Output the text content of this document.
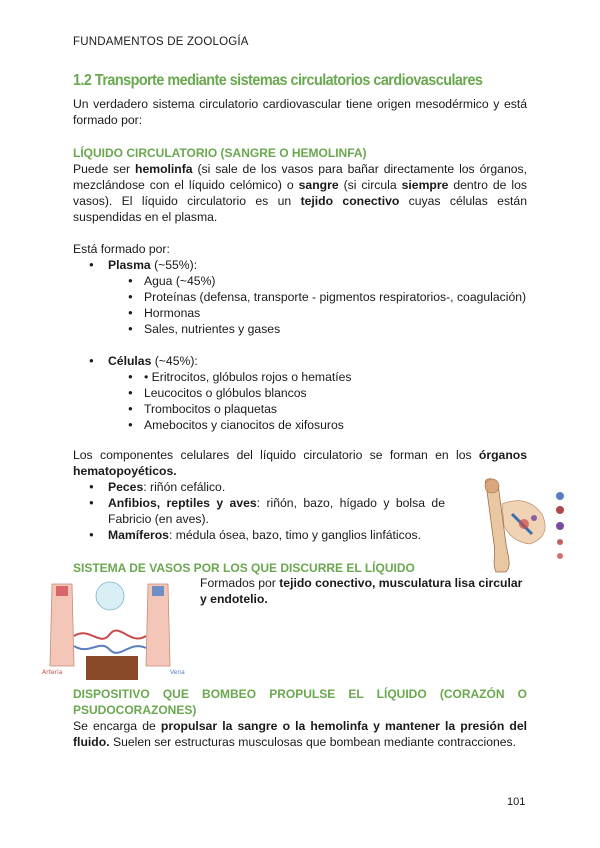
FUNDAMENTOS DE ZOOLOGÍA
1.2 Transporte mediante sistemas circulatorios cardiovasculares
Un verdadero sistema circulatorio cardiovascular tiene origen mesodérmico y está formado por:
LÍQUIDO CIRCULATORIO (SANGRE O HEMOLINFA)
Puede ser hemolinfa (si sale de los vasos para bañar directamente los órganos, mezclándose con el líquido celómico) o sangre (si circula siempre dentro de los vasos). El líquido circulatorio es un tejido conectivo cuyas células están suspendidas en el plasma.
Está formado por:
● Plasma (~55%):
● Agua (~45%)
● Proteínas (defensa, transporte - pigmentos respiratorios-, coagulación)
● Hormonas
● Sales, nutrientes y gases
● Células (~45%):
● • Eritrocitos, glóbulos rojos o hematíes
● Leucocitos o glóbulos blancos
● Trombocitos o plaquetas
● Amebocitos y cianocitos de xifosuros
Los componentes celulares del líquido circulatorio se forman en los órganos hematopoyéticos.
● Peces: riñón cefálico.
● Anfibios, reptiles y aves: riñón, bazo, hígado y bolsa de Fabricio (en aves).
● Mamíferos: médula ósea, bazo, timo y ganglios linfáticos.
SISTEMA DE VASOS POR LOS QUE DISCURRE EL LÍQUIDO
Arteria	Vena
Formados por tejido conectivo, musculatura lisa circular y endotelio.
DISPOSITIVO QUE BOMBEO PROPULSE EL LÍQUIDO (CORAZÓN O PSUDOCORAZONES)
Se encarga de propulsar la sangre o la hemolinfa y mantener la presión del fluido. Suelen ser estructuras musculosas que bombean mediante contracciones.
101
